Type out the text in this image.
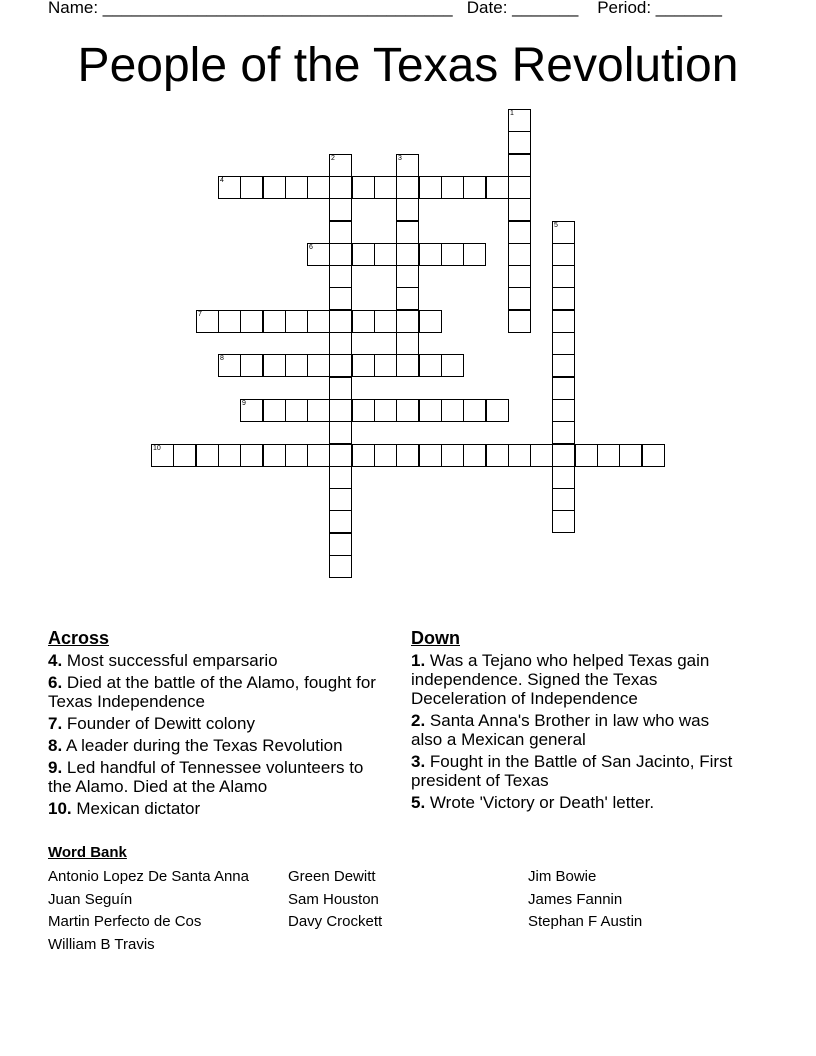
Name: _____________________________________   Date: _______    Period: _______
People of the Texas Revolution
1
2	3
4
5
6
7
8
9
10
Across
4. Most successful emparsario
6. Died at the battle of the Alamo, fought for Texas Independence
7. Founder of Dewitt colony
8. A leader during the Texas Revolution
9. Led handful of Tennessee volunteers to the Alamo. Died at the Alamo
10. Mexican dictator
Down
1. Was a Tejano who helped Texas gain independence. Signed the Texas Deceleration of Independence
2. Santa Anna's Brother in law who was also a Mexican general
3. Fought in the Battle of San Jacinto, First president of Texas
5. Wrote 'Victory or Death' letter.
Word Bank
Antonio Lopez De Santa Anna
Juan Seguín
Martin Perfecto de Cos
William B Travis
Green Dewitt
Sam Houston
Davy Crockett
Jim Bowie
James Fannin
Stephan F Austin
